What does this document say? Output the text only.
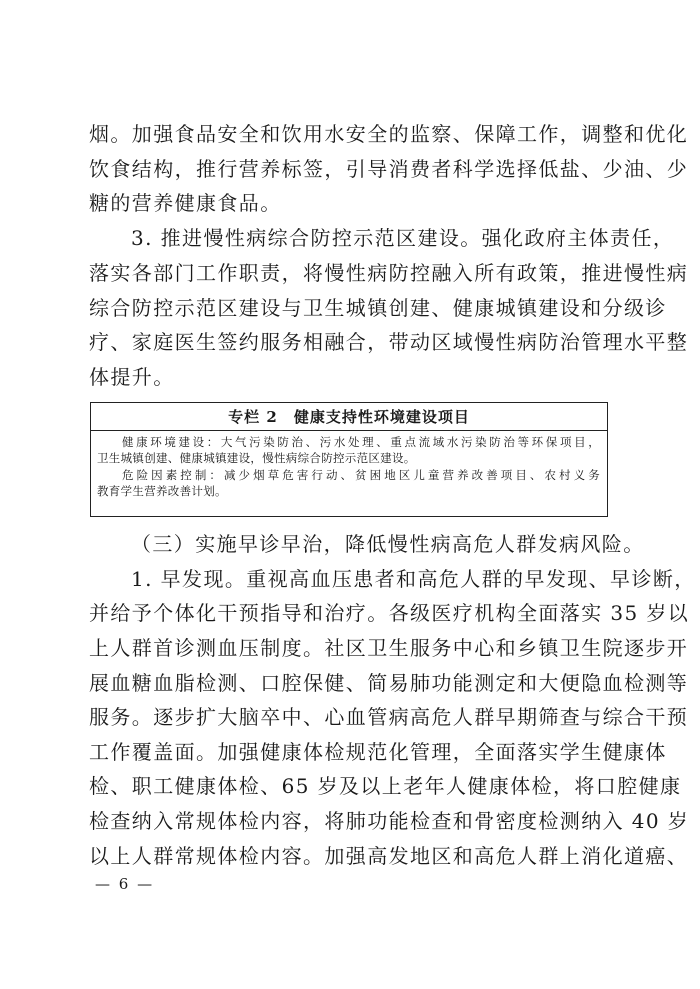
烟。加强食品安全和饮用水安全的监察、保障工作，调整和优化
饮食结构，推行营养标签，引导消费者科学选择低盐、少油、少
糖的营养健康食品。
3. 推进慢性病综合防控示范区建设。强化政府主体责任，
落实各部门工作职责，将慢性病防控融入所有政策，推进慢性病
综合防控示范区建设与卫生城镇创建、健康城镇建设和分级诊
疗、家庭医生签约服务相融合，带动区域慢性病防治管理水平整
体提升。
专栏 2　健康支持性环境建设项目
健康环境建设：大气污染防治、污水处理、重点流域水污染防治等环保项目，
卫生城镇创建、健康城镇建设，慢性病综合防控示范区建设。
危险因素控制：减少烟草危害行动、贫困地区儿童营养改善项目、农村义务
教育学生营养改善计划。
（三）实施早诊早治，降低慢性病高危人群发病风险。
1. 早发现。重视高血压患者和高危人群的早发现、早诊断，
并给予个体化干预指导和治疗。各级医疗机构全面落实 35 岁以
上人群首诊测血压制度。社区卫生服务中心和乡镇卫生院逐步开
展血糖血脂检测、口腔保健、简易肺功能测定和大便隐血检测等
服务。逐步扩大脑卒中、心血管病高危人群早期筛查与综合干预
工作覆盖面。加强健康体检规范化管理，全面落实学生健康体
检、职工健康体检、65 岁及以上老年人健康体检，将口腔健康
检查纳入常规体检内容，将肺功能检查和骨密度检测纳入 40 岁
以上人群常规体检内容。加强高发地区和高危人群上消化道癌、
— 6 —
